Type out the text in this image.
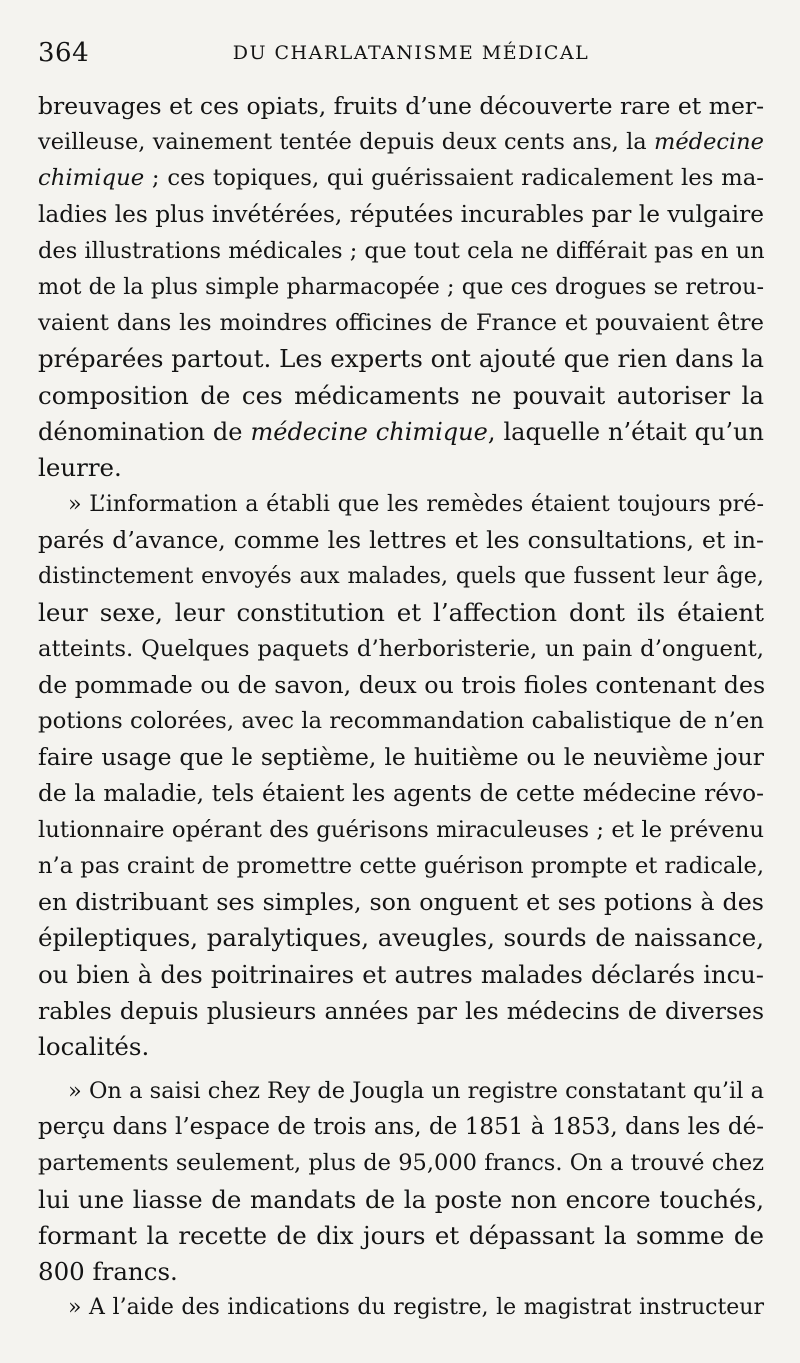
364	DU CHARLATANISME MÉDICAL
breuvages et ces opiats, fruits d’une découverte rare et mer-
veilleuse, vainement tentée depuis deux cents ans, la médecine
chimique ; ces topiques, qui guérissaient radicalement les ma-
ladies les plus invétérées, réputées incurables par le vulgaire
des illustrations médicales ; que tout cela ne différait pas en un
mot de la plus simple pharmacopée ; que ces drogues se retrou-
vaient dans les moindres officines de France et pouvaient être
préparées partout. Les experts ont ajouté que rien dans la
composition de ces médicaments ne pouvait autoriser la
dénomination de médecine chimique, laquelle n’était qu’un
leurre.
» L’information a établi que les remèdes étaient toujours pré-
parés d’avance, comme les lettres et les consultations, et in-
distinctement envoyés aux malades, quels que fussent leur âge,
leur sexe, leur constitution et l’affection dont ils étaient
atteints. Quelques paquets d’herboristerie, un pain d’onguent,
de pommade ou de savon, deux ou trois fioles contenant des
potions colorées, avec la recommandation cabalistique de n’en
faire usage que le septième, le huitième ou le neuvième jour
de la maladie, tels étaient les agents de cette médecine révo-
lutionnaire opérant des guérisons miraculeuses ; et le prévenu
n’a pas craint de promettre cette guérison prompte et radicale,
en distribuant ses simples, son onguent et ses potions à des
épileptiques, paralytiques, aveugles, sourds de naissance,
ou bien à des poitrinaires et autres malades déclarés incu-
rables depuis plusieurs années par les médecins de diverses
localités.
» On a saisi chez Rey de Jougla un registre constatant qu’il a
perçu dans l’espace de trois ans, de 1851 à 1853, dans les dé-
partements seulement, plus de 95,000 francs. On a trouvé chez
lui une liasse de mandats de la poste non encore touchés,
formant la recette de dix jours et dépassant la somme de
800 francs.
» A l’aide des indications du registre, le magistrat instructeur
